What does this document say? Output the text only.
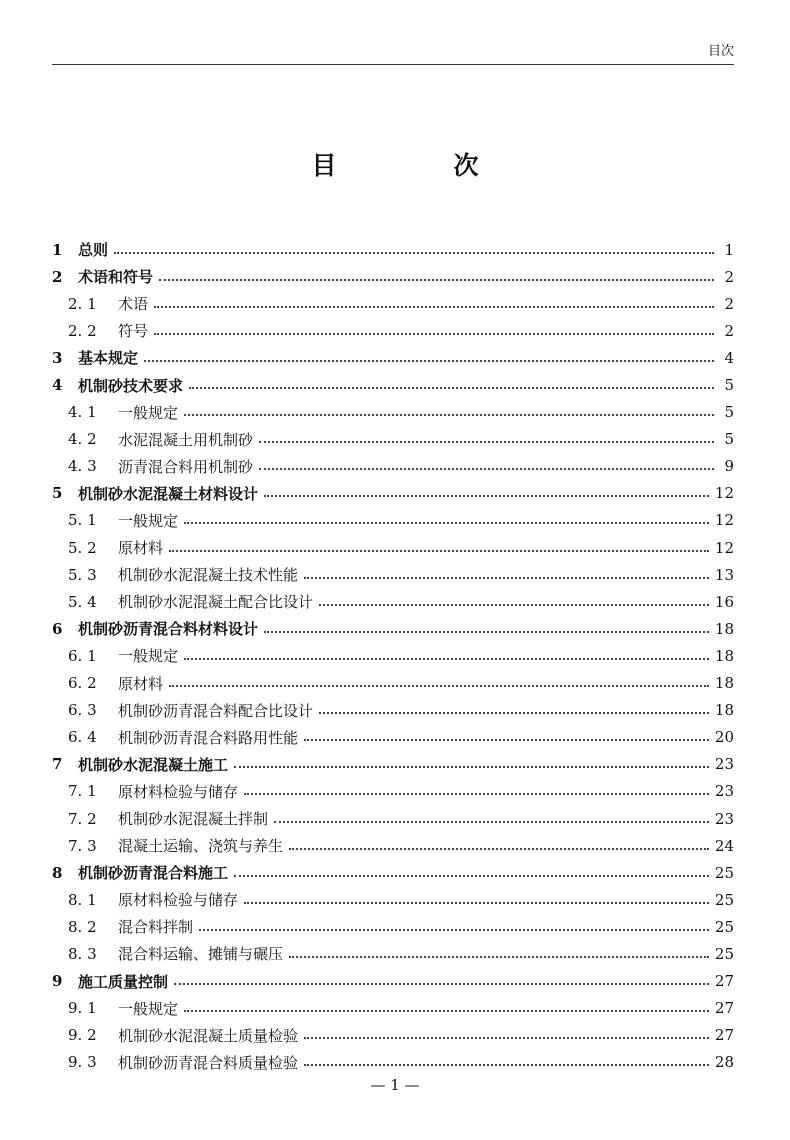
目次
目　次
1	总则	1
2	术语和符号	2
2. 1	术语	2
2. 2	符号	2
3	基本规定	4
4	机制砂技术要求	5
4. 1	一般规定	5
4. 2	水泥混凝土用机制砂	5
4. 3	沥青混合料用机制砂	9
5	机制砂水泥混凝土材料设计	12
5. 1	一般规定	12
5. 2	原材料	12
5. 3	机制砂水泥混凝土技术性能	13
5. 4	机制砂水泥混凝土配合比设计	16
6	机制砂沥青混合料材料设计	18
6. 1	一般规定	18
6. 2	原材料	18
6. 3	机制砂沥青混合料配合比设计	18
6. 4	机制砂沥青混合料路用性能	20
7	机制砂水泥混凝土施工	23
7. 1	原材料检验与储存	23
7. 2	机制砂水泥混凝土拌制	23
7. 3	混凝土运输、浇筑与养生	24
8	机制砂沥青混合料施工	25
8. 1	原材料检验与储存	25
8. 2	混合料拌制	25
8. 3	混合料运输、摊铺与碾压	25
9	施工质量控制	27
9. 1	一般规定	27
9. 2	机制砂水泥混凝土质量检验	27
9. 3	机制砂沥青混合料质量检验	28
— 1 —
